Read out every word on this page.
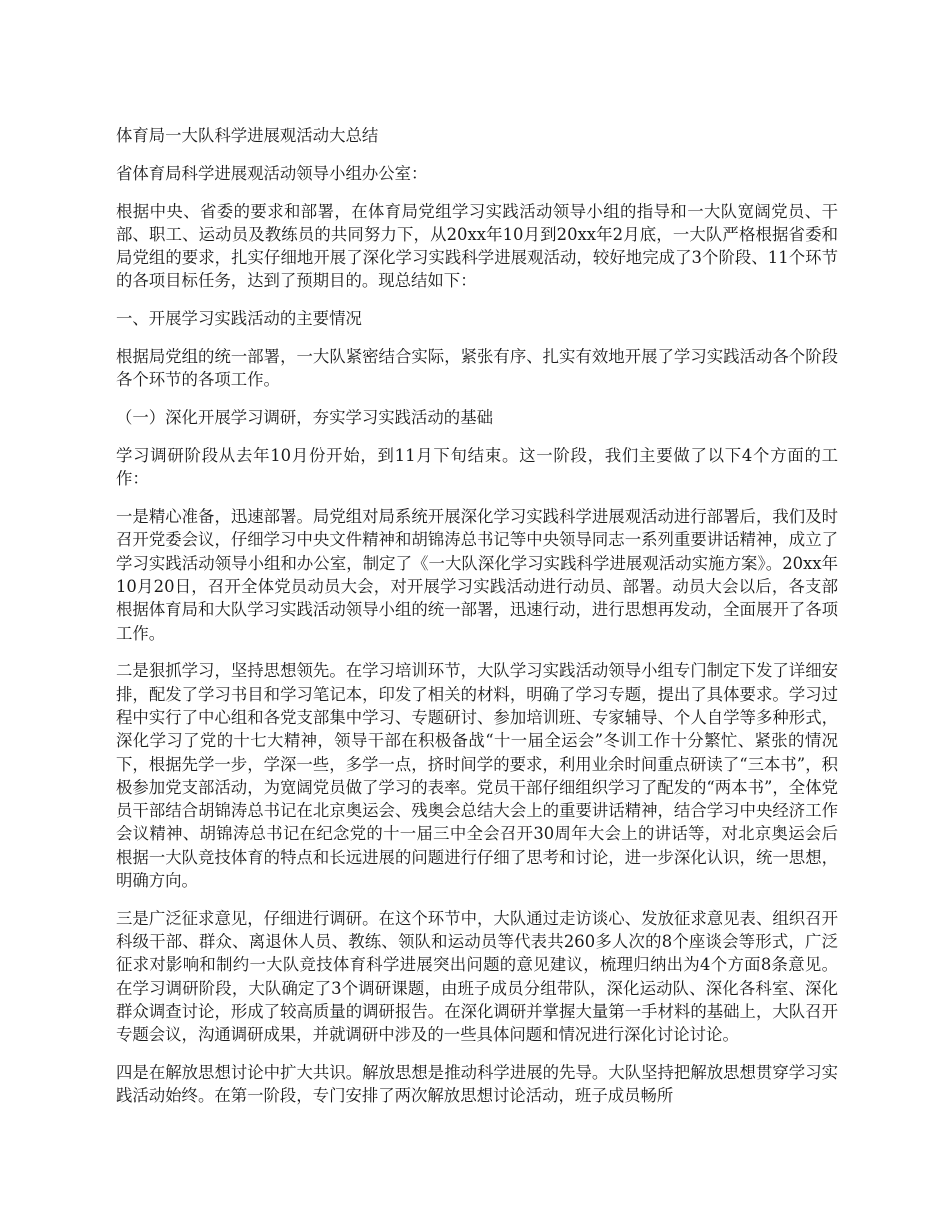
体育局一大队科学进展观活动大总结

省体育局科学进展观活动领导小组办公室：

根据中央、省委的要求和部署，在体育局党组学习实践活动领导小组的指导和一大队宽阔党员、干部、职工、运动员及教练员的共同努力下，从20xx年10月到20xx年2月底，一大队严格根据省委和局党组的要求，扎实仔细地开展了深化学习实践科学进展观活动，较好地完成了3个阶段、11个环节的各项目标任务，达到了预期目的。现总结如下：

一、开展学习实践活动的主要情况

根据局党组的统一部署，一大队紧密结合实际，紧张有序、扎实有效地开展了学习实践活动各个阶段各个环节的各项工作。

（一）深化开展学习调研，夯实学习实践活动的基础

学习调研阶段从去年10月份开始，到11月下旬结束。这一阶段，我们主要做了以下4个方面的工作：

一是精心准备，迅速部署。局党组对局系统开展深化学习实践科学进展观活动进行部署后，我们及时召开党委会议，仔细学习中央文件精神和胡锦涛总书记等中央领导同志一系列重要讲话精神，成立了学习实践活动领导小组和办公室，制定了《一大队深化学习实践科学进展观活动实施方案》。20xx年10月20日，召开全体党员动员大会，对开展学习实践活动进行动员、部署。动员大会以后，各支部根据体育局和大队学习实践活动领导小组的统一部署，迅速行动，进行思想再发动，全面展开了各项工作。

二是狠抓学习，坚持思想领先。在学习培训环节，大队学习实践活动领导小组专门制定下发了详细安排，配发了学习书目和学习笔记本，印发了相关的材料，明确了学习专题，提出了具体要求。学习过程中实行了中心组和各党支部集中学习、专题研讨、参加培训班、专家辅导、个人自学等多种形式，深化学习了党的十七大精神，领导干部在积极备战“十一届全运会”冬训工作十分繁忙、紧张的情况下，根据先学一步，学深一些，多学一点，挤时间学的要求，利用业余时间重点研读了“三本书”，积极参加党支部活动，为宽阔党员做了学习的表率。党员干部仔细组织学习了配发的“两本书”，全体党员干部结合胡锦涛总书记在北京奥运会、残奥会总结大会上的重要讲话精神，结合学习中央经济工作会议精神、胡锦涛总书记在纪念党的十一届三中全会召开30周年大会上的讲话等，对北京奥运会后根据一大队竞技体育的特点和长远进展的问题进行仔细了思考和讨论，进一步深化认识，统一思想，明确方向。

三是广泛征求意见，仔细进行调研。在这个环节中，大队通过走访谈心、发放征求意见表、组织召开科级干部、群众、离退休人员、教练、领队和运动员等代表共260多人次的8个座谈会等形式，广泛征求对影响和制约一大队竞技体育科学进展突出问题的意见建议，梳理归纳出为4个方面8条意见。在学习调研阶段，大队确定了3个调研课题，由班子成员分组带队，深化运动队、深化各科室、深化群众调查讨论，形成了较高质量的调研报告。在深化调研并掌握大量第一手材料的基础上，大队召开专题会议，沟通调研成果，并就调研中涉及的一些具体问题和情况进行深化讨论讨论。

四是在解放思想讨论中扩大共识。解放思想是推动科学进展的先导。大队坚持把解放思想贯穿学习实践活动始终。在第一阶段，专门安排了两次解放思想讨论活动，班子成员畅所
